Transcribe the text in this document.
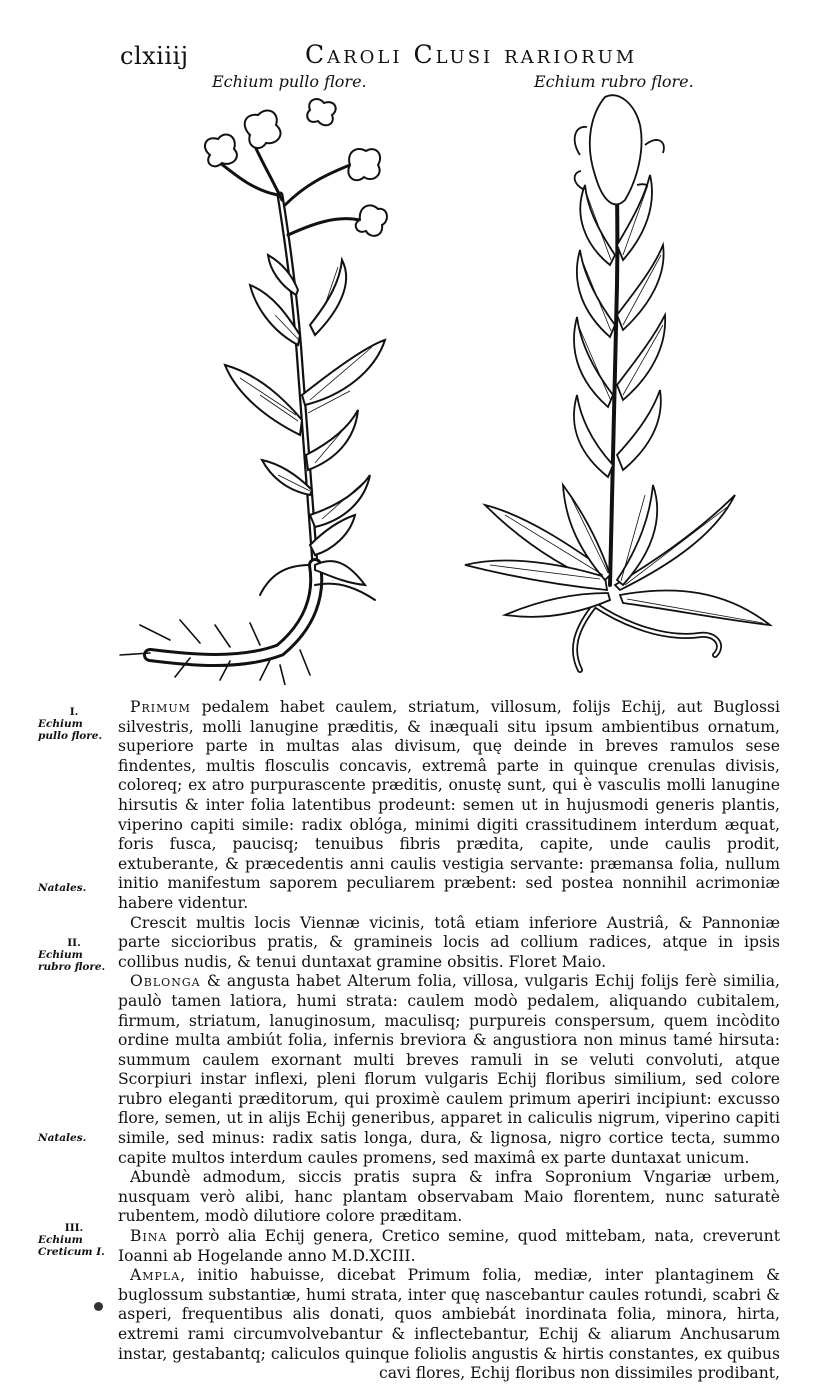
clxiiij	Caroli Clusi rariorum
Echium pullo flore.	Echium rubro flore.
I.
Echium pullo flore.
Natales.
II.
Echium rubro flore.
Natales.
III.
Echium Creticum I.

Primum pedalem habet caulem, striatum, villosum, folijs Echij, aut Buglossi silvestris, molli lanugine præditis, & inæquali situ ipsum ambientibus ornatum, superiore parte in multas alas divisum, quę deinde in breves ramulos sese findentes, multis flosculis concavis, extremâ parte in quinque crenulas divisis, coloreq; ex atro purpurascente præditis, onustę sunt, qui è vasculis molli lanugine hirsutis & inter folia latentibus prodeunt: semen ut in hujusmodi generis plantis, viperino capiti simile: radix oblóga, minimi digiti crassitudinem interdum æquat, foris fusca, paucisq; tenuibus fibris prædita, capite, unde caulis prodit, extuberante, & præcedentis anni caulis vestigia servante: præmansa folia, nullum initio manifestum saporem peculiarem præbent: sed postea nonnihil acrimoniæ habere videntur.

Crescit multis locis Viennæ vicinis, totâ etiam inferiore Austriâ, & Pannoniæ parte siccioribus pratis, & gramineis locis ad collium radices, atque in ipsis collibus nudis, & tenui duntaxat gramine obsitis. Floret Maio.

Oblonga & angusta habet Alterum folia, villosa, vulgaris Echij folijs ferè similia, paulò tamen latiora, humi strata: caulem modò pedalem, aliquando cubitalem, firmum, striatum, lanuginosum, maculisq; purpureis conspersum, quem incòdito ordine multa ambiút folia, infernis breviora & angustiora non minus tamé hirsuta: summum caulem exornant multi breves ramuli in se veluti convoluti, atque Scorpiuri instar inflexi, pleni florum vulgaris Echij floribus similium, sed colore rubro eleganti præditorum, qui proximè caulem primum aperiri incipiunt: excusso flore, semen, ut in alijs Echij generibus, apparet in caliculis nigrum, viperino capiti simile, sed minus: radix satis longa, dura, & lignosa, nigro cortice tecta, summo capite multos interdum caules promens, sed maximâ ex parte duntaxat unicum.

Abundè admodum, siccis pratis supra & infra Sopronium Vngariæ urbem, nusquam verò alibi, hanc plantam observabam Maio florentem, nunc saturatè rubentem, modò dilutiore colore præditam.

Bina porrò alia Echij genera, Cretico semine, quod mittebam, nata, creverunt Ioanni ab Hogelande anno M.D.XCIII.

Ampla, initio habuisse, dicebat Primum folia, mediæ, inter plantaginem & buglossum substantiæ, humi strata, inter quę nascebantur caules rotundi, scabri & asperi, frequentibus alis donati, quos ambiebát inordinata folia, minora, hirta, extremi rami circumvolvebantur & inflectebantur, Echij & aliarum Anchusarum instar, gestabantq; caliculos quinque foliolis angustis & hirtis constantes, ex quibus cavi flores, Echij floribus non dissimiles prodibant,
